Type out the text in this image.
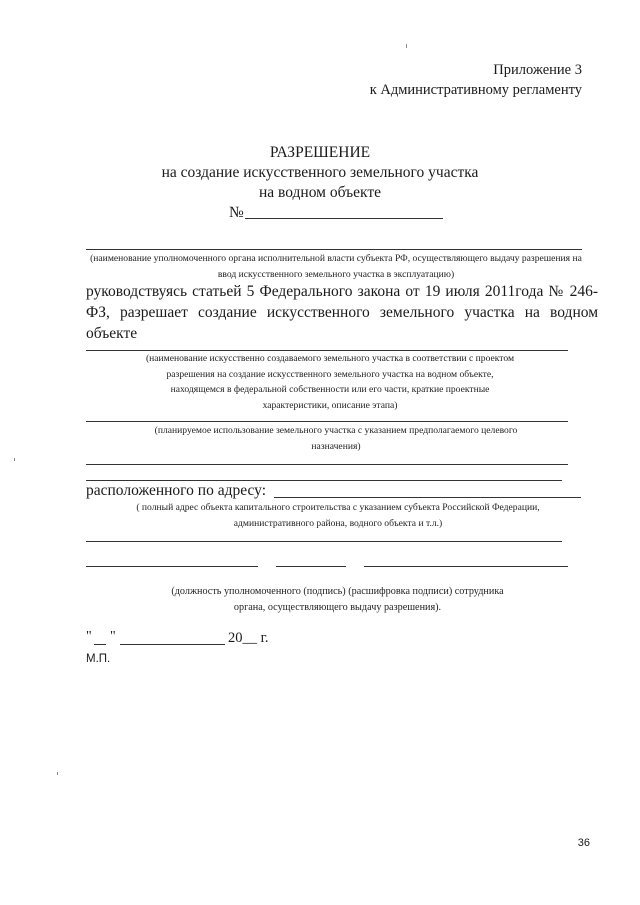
Приложение 3
к Административному регламенту
РАЗРЕШЕНИЕ
на создание искусственного земельного участка
на водном объекте
№
(наименование уполномоченного органа исполнительной власти субъекта РФ, осуществляющего выдачу разрешения на ввод искусственного земельного участка в эксплуатацию)
руководствуясь статьей 5 Федерального закона от 19 июля 2011года № 246-ФЗ, разрешает создание искусственного земельного участка на водном объекте
(наименование искусственно создаваемого земельного участка в соответствии с проектом разрешения на создание искусственного земельного участка на водном объекте, находящемся в федеральной собственности или его части, краткие проектные характеристики, описание этапа)
(планируемое использование земельного участка с указанием предполагаемого целевого назначения)
расположенного по адресу:
( полный адрес объекта капитального строительства с указанием субъекта Российской Федерации, административного района, водного объекта и т.л.)
(должность уполномоченного (подпись) (расшифровка подписи) сотрудника органа, осуществляющего выдачу разрешения).
" "	20__ г.
М.П.
36
